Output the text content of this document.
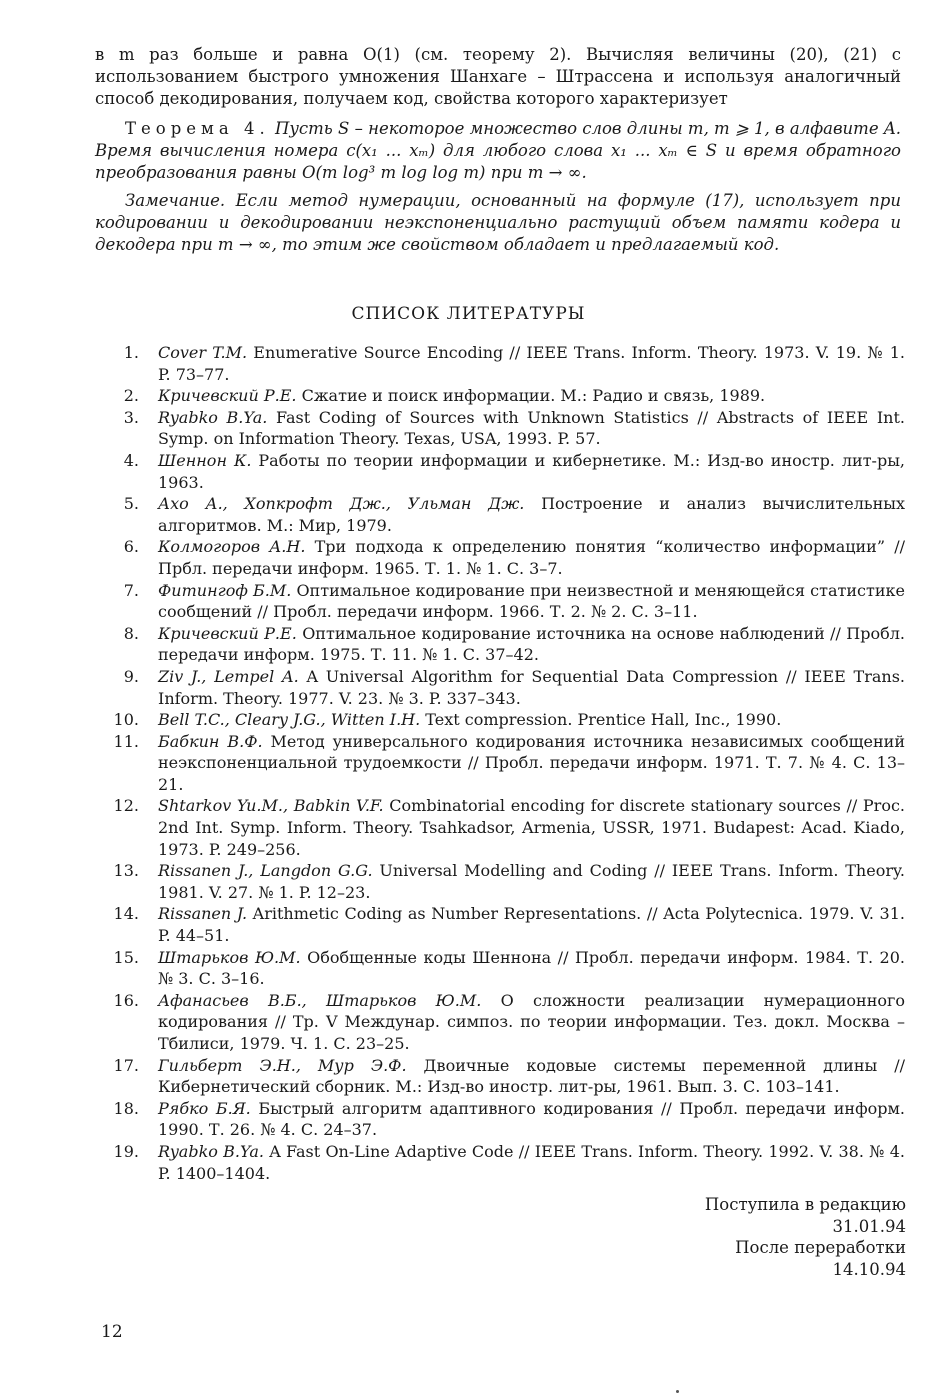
в m раз больше и равна O(1) (см. теорему 2). Вычисляя величины (20), (21) с использованием быстрого умножения Шанхаге – Штрассена и используя аналогичный способ декодирования, получаем код, свойства которого характеризует

Теорема 4. Пусть S – некоторое множество слов длины m, m ⩾ 1, в алфавите A. Время вычисления номера c(x₁ ... xₘ) для любого слова x₁ ... xₘ ∈ S и время обратного преобразования равны O(m log³ m log log m) при m → ∞.

Замечание. Если метод нумерации, основанный на формуле (17), использует при кодировании и декодировании неэкспоненциально растущий объем памяти кодера и декодера при m → ∞, то этим же свойством обладает и предлагаемый код.

СПИСОК ЛИТЕРАТУРЫ
1. Cover T.M. Enumerative Source Encoding // IEEE Trans. Inform. Theory. 1973. V. 19. № 1. P. 73–77.
2. Кричевский Р.Е. Сжатие и поиск информации. М.: Радио и связь, 1989.
3. Ryabko B.Ya. Fast Coding of Sources with Unknown Statistics // Abstracts of IEEE Int. Symp. on Information Theory. Texas, USA, 1993. P. 57.
4. Шеннон К. Работы по теории информации и кибернетике. М.: Изд-во иностр. лит-ры, 1963.
5. Ахо А., Хопкрофт Дж., Ульман Дж. Построение и анализ вычислительных алгоритмов. М.: Мир, 1979.
6. Колмогоров А.Н. Три подхода к определению понятия “количество информации” // Прбл. передачи информ. 1965. Т. 1. № 1. С. 3–7.
7. Фитингоф Б.М. Оптимальное кодирование при неизвестной и меняющейся статистике сообщений // Пробл. передачи информ. 1966. Т. 2. № 2. С. 3–11.
8. Кричевский Р.Е. Оптимальное кодирование источника на основе наблюдений // Пробл. передачи информ. 1975. Т. 11. № 1. С. 37–42.
9. Ziv J., Lempel A. A Universal Algorithm for Sequential Data Compression // IEEE Trans. Inform. Theory. 1977. V. 23. № 3. P. 337–343.
10. Bell T.C., Cleary J.G., Witten I.H. Text compression. Prentice Hall, Inc., 1990.
11. Бабкин В.Ф. Метод универсального кодирования источника независимых сообщений неэкспоненциальной трудоемкости // Пробл. передачи информ. 1971. Т. 7. № 4. С. 13–21.
12. Shtarkov Yu.M., Babkin V.F. Combinatorial encoding for discrete stationary sources // Proc. 2nd Int. Symp. Inform. Theory. Tsahkadsor, Armenia, USSR, 1971. Budapest: Acad. Kiado, 1973. P. 249–256.
13. Rissanen J., Langdon G.G. Universal Modelling and Coding // IEEE Trans. Inform. Theory. 1981. V. 27. № 1. P. 12–23.
14. Rissanen J. Arithmetic Coding as Number Representations. // Acta Polytecnica. 1979. V. 31. P. 44–51.
15. Штарьков Ю.М. Обобщенные коды Шеннона // Пробл. передачи информ. 1984. Т. 20. № 3. С. 3–16.
16. Афанасьев В.Б., Штарьков Ю.М. О сложности реализации нумерационного кодирования // Тр. V Междунар. симпоз. по теории информации. Тез. докл. Москва – Тбилиси, 1979. Ч. 1. С. 23–25.
17. Гильберт Э.Н., Мур Э.Ф. Двоичные кодовые системы переменной длины // Кибернетический сборник. М.: Изд-во иностр. лит-ры, 1961. Вып. 3. С. 103–141.
18. Рябко Б.Я. Быстрый алгоритм адаптивного кодирования // Пробл. передачи информ. 1990. Т. 26. № 4. С. 24–37.
19. Ryabko B.Ya. A Fast On-Line Adaptive Code // IEEE Trans. Inform. Theory. 1992. V. 38. № 4. P. 1400–1404.
Поступила в редакцию
31.01.94
После переработки
14.10.94
12
